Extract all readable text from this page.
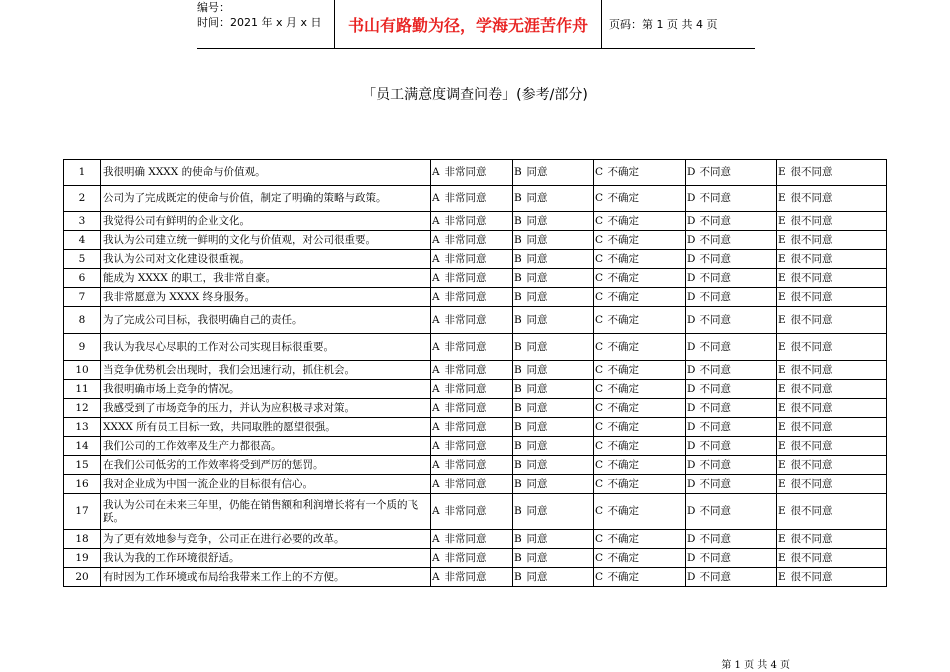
编号：
时间：2021 年 x 月 x 日	书山有路勤为径，学海无涯苦作舟	页码：第 1 页 共 4 页
「员工满意度调查问卷」(参考/部分)
1	我很明确 XXXX 的使命与价值观。	A	非常同意	B	同意	C	不确定	D	不同意	E	很不同意
2	公司为了完成既定的使命与价值，制定了明确的策略与政策。	A	非常同意	B	同意	C	不确定	D	不同意	E	很不同意
3	我觉得公司有鲜明的企业文化。	A	非常同意	B	同意	C	不确定	D	不同意	E	很不同意
4	我认为公司建立统一鲜明的文化与价值观，对公司很重要。	A	非常同意	B	同意	C	不确定	D	不同意	E	很不同意
5	我认为公司对文化建设很重视。	A	非常同意	B	同意	C	不确定	D	不同意	E	很不同意
6	能成为 XXXX 的职工，我非常自豪。	A	非常同意	B	同意	C	不确定	D	不同意	E	很不同意
7	我非常愿意为 XXXX 终身服务。	A	非常同意	B	同意	C	不确定	D	不同意	E	很不同意
8	为了完成公司目标，我很明确自己的责任。	A	非常同意	B	同意	C	不确定	D	不同意	E	很不同意
9	我认为我尽心尽职的工作对公司实现目标很重要。	A	非常同意	B	同意	C	不确定	D	不同意	E	很不同意
10	当竞争优势机会出现时，我们会迅速行动，抓住机会。	A	非常同意	B	同意	C	不确定	D	不同意	E	很不同意
11	我很明确市场上竞争的情况。	A	非常同意	B	同意	C	不确定	D	不同意	E	很不同意
12	我感受到了市场竞争的压力，并认为应积极寻求对策。	A	非常同意	B	同意	C	不确定	D	不同意	E	很不同意
13	XXXX 所有员工目标一致，共同取胜的愿望很强。	A	非常同意	B	同意	C	不确定	D	不同意	E	很不同意
14	我们公司的工作效率及生产力都很高。	A	非常同意	B	同意	C	不确定	D	不同意	E	很不同意
15	在我们公司低劣的工作效率将受到严厉的惩罚。	A	非常同意	B	同意	C	不确定	D	不同意	E	很不同意
16	我对企业成为中国一流企业的目标很有信心。	A	非常同意	B	同意	C	不确定	D	不同意	E	很不同意
17	我认为公司在未来三年里，仍能在销售额和利润增长将有一个质的飞跃。	A	非常同意	B	同意	C	不确定	D	不同意	E	很不同意
18	为了更有效地参与竞争，公司正在进行必要的改革。	A	非常同意	B	同意	C	不确定	D	不同意	E	很不同意
19	我认为我的工作环境很舒适。	A	非常同意	B	同意	C	不确定	D	不同意	E	很不同意
20	有时因为工作环境或布局给我带来工作上的不方便。	A	非常同意	B	同意	C	不确定	D	不同意	E	很不同意
第 1 页 共 4 页
